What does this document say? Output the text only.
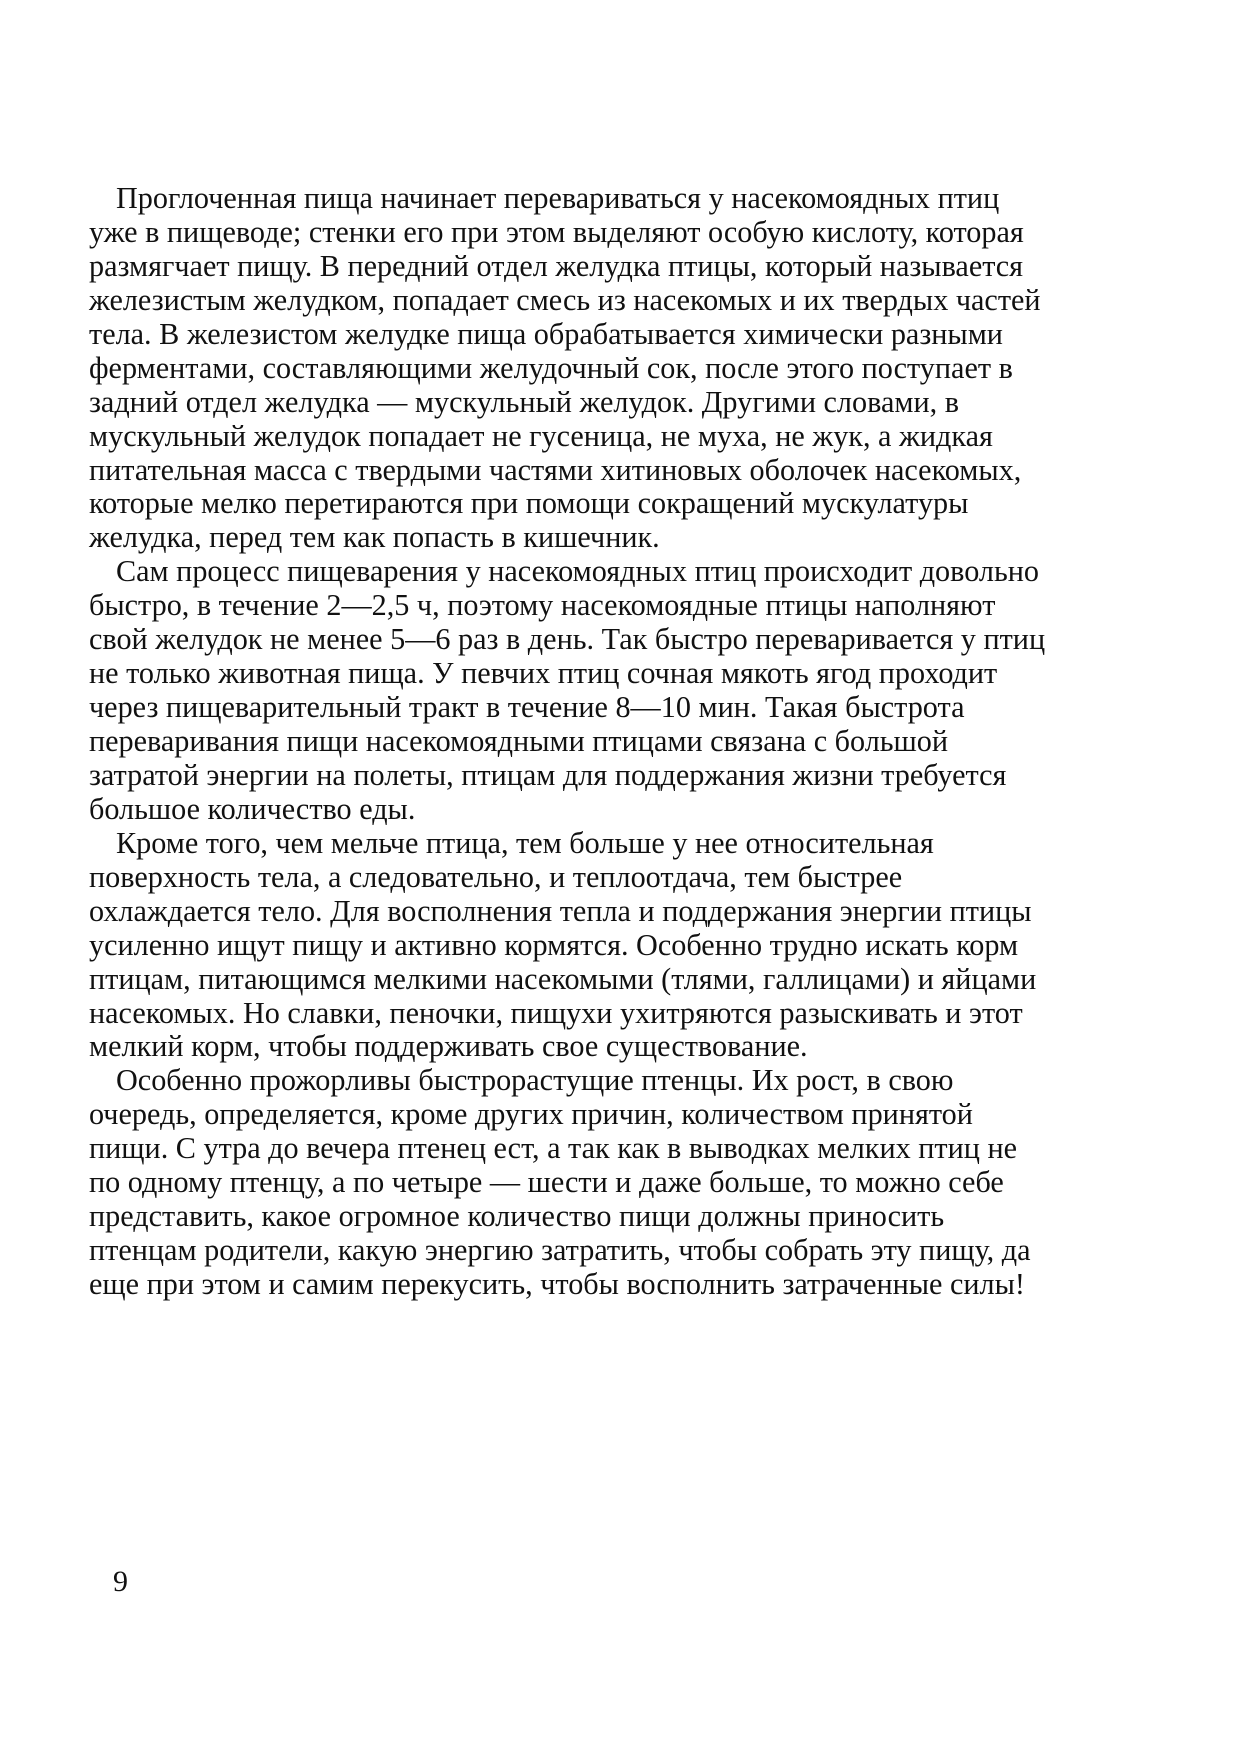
Проглоченная пища начинает перевариваться у насекомоядных птиц
уже в пищеводе; стенки его при этом выделяют особую кислоту, которая
размягчает пищу. В передний отдел желудка птицы, который называется
железистым желудком, попадает смесь из насекомых и их твердых частей
тела. В железистом желудке пища обрабатывается химически разными
ферментами, составляющими желудочный сок, после этого поступает в
задний отдел желудка — мускульный желудок. Другими словами, в
мускульный желудок попадает не гусеница, не муха, не жук, а жидкая
питательная масса с твердыми частями хитиновых оболочек насекомых,
которые мелко перетираются при помощи сокращений мускулатуры
желудка, перед тем как попасть в кишечник.

Сам процесс пищеварения у насекомоядных птиц происходит довольно
быстро, в течение 2—2,5 ч, поэтому насекомоядные птицы наполняют
свой желудок не менее 5—6 раз в день. Так быстро переваривается у птиц
не только животная пища. У певчих птиц сочная мякоть ягод проходит
через пищеварительный тракт в течение 8—10 мин. Такая быстрота
переваривания пищи насекомоядными птицами связана с большой
затратой энергии на полеты, птицам для поддержания жизни требуется
большое количество еды.

Кроме того, чем мельче птица, тем больше у нее относительная
поверхность тела, а следовательно, и теплоотдача, тем быстрее
охлаждается тело. Для восполнения тепла и поддержания энергии птицы
усиленно ищут пищу и активно кормятся. Особенно трудно искать корм
птицам, питающимся мелкими насекомыми (тлями, галлицами) и яйцами
насекомых. Но славки, пеночки, пищухи ухитряются разыскивать и этот
мелкий корм, чтобы поддерживать свое существование.

Особенно прожорливы быстрорастущие птенцы. Их рост, в свою
очередь, определяется, кроме других причин, количеством принятой
пищи. С утра до вечера птенец ест, а так как в выводках мелких птиц не
по одному птенцу, а по четыре — шести и даже больше, то можно себе
представить, какое огромное количество пищи должны приносить
птенцам родители, какую энергию затратить, чтобы собрать эту пищу, да
еще при этом и самим перекусить, чтобы восполнить затраченные силы!

9
